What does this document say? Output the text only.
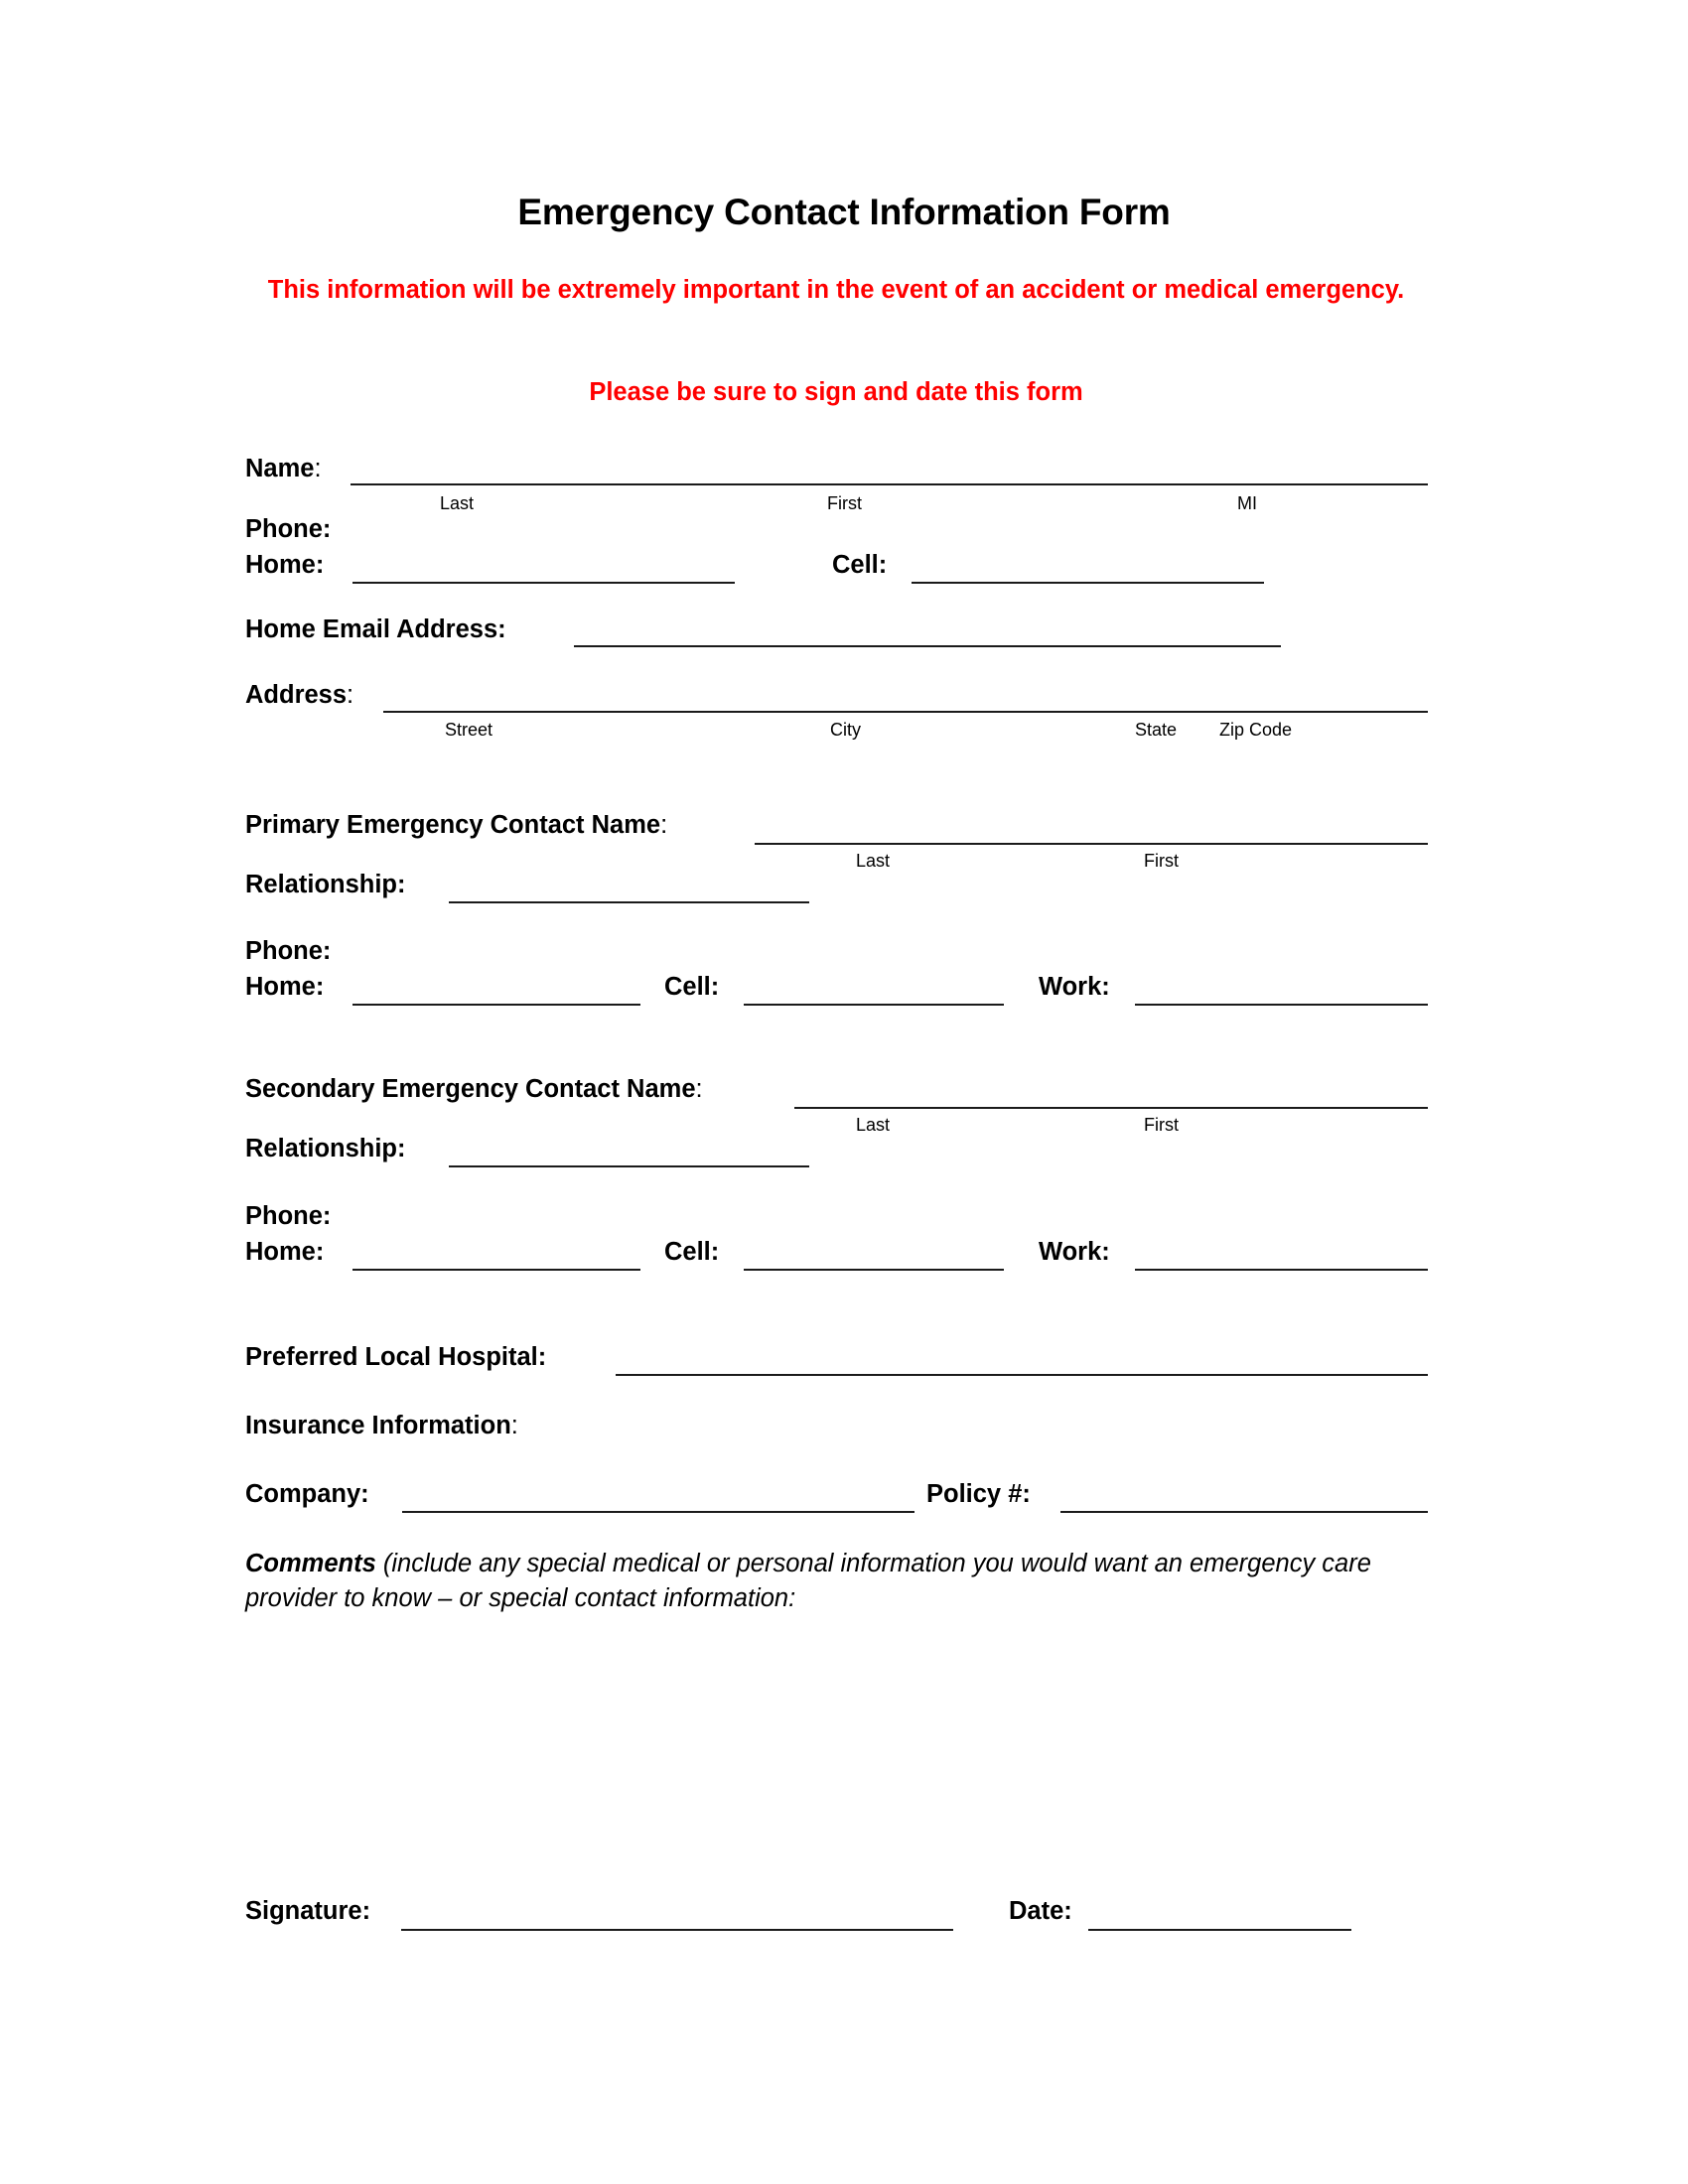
Emergency Contact Information Form
This information will be extremely important in the event of an accident or medical emergency.
Please be sure to sign and date this form
Name:
Last	First	MI
Phone:
Home:	Cell:
Home Email Address:
Address:
Street	City	State Zip Code
Primary Emergency Contact Name:
Last	First
Relationship:
Phone:
Home:	Cell:	Work:
Secondary Emergency Contact Name:
Last	First
Relationship:
Phone:
Home:	Cell:	Work:
Preferred Local Hospital:
Insurance Information:
Company:	Policy #:
Comments (include any special medical or personal information you would want an emergency care provider to know – or special contact information:
Signature:	Date:
